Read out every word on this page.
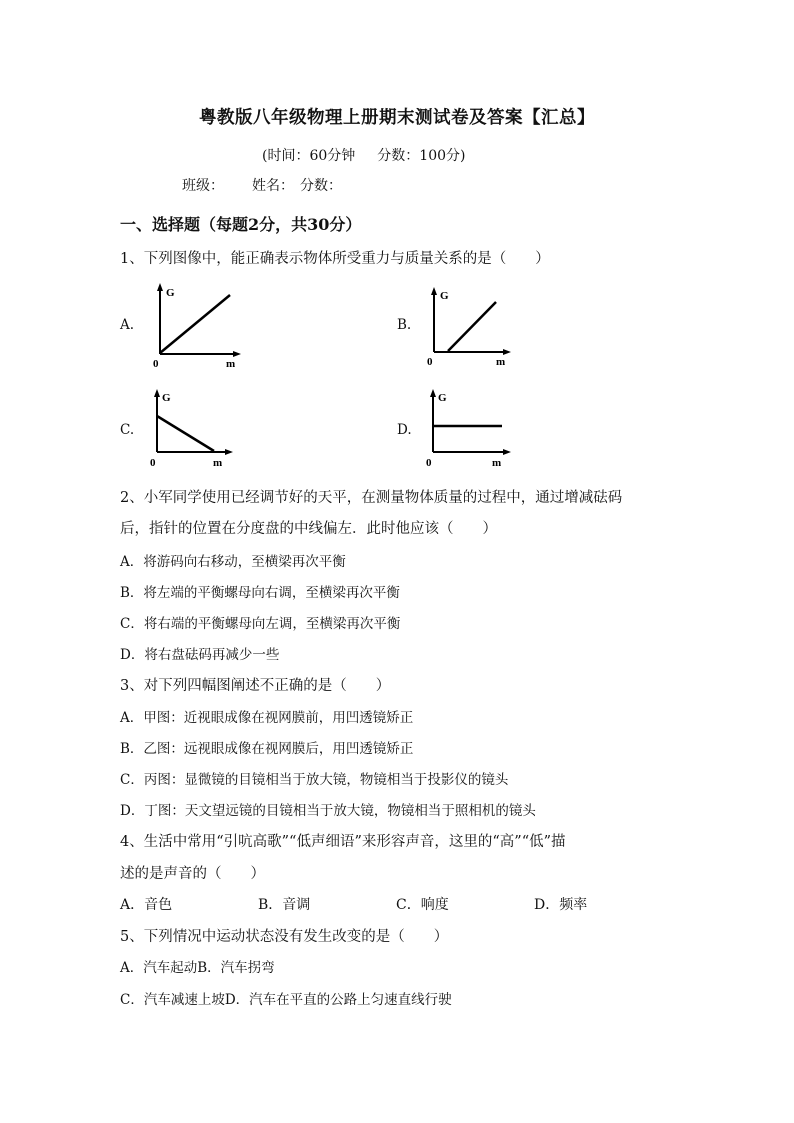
粤教版八年级物理上册期末测试卷及答案【汇总】
(时间：60分钟 分数：100分)
班级： 姓名： 分数：
一、选择题（每题2分，共30分）
1、下列图像中，能正确表示物体所受重力与质量关系的是（　　）
A.
G
m
0
B.
G
m
0
C.
G
m
0
D.
G
m
0
2、小军同学使用已经调节好的天平，在测量物体质量的过程中，通过增减砝码
后，指针的位置在分度盘的中线偏左．此时他应该（　　）
A．将游码向右移动，至横梁再次平衡
B．将左端的平衡螺母向右调，至横梁再次平衡
C．将右端的平衡螺母向左调，至横梁再次平衡
D．将右盘砝码再减少一些
3、对下列四幅图阐述不正确的是（　　）
A．甲图：近视眼成像在视网膜前，用凹透镜矫正
B．乙图：远视眼成像在视网膜后，用凹透镜矫正
C．丙图：显微镜的目镜相当于放大镜，物镜相当于投影仪的镜头
D．丁图：天文望远镜的目镜相当于放大镜，物镜相当于照相机的镜头
4、生活中常用“引吭高歌”“低声细语”来形容声音，这里的“高”“低”描
述的是声音的（　　）
A．音色	B．音调	C．响度	D．频率
5、下列情况中运动状态没有发生改变的是（　　）
A．汽车起动B．汽车拐弯
C．汽车减速上坡D．汽车在平直的公路上匀速直线行驶
